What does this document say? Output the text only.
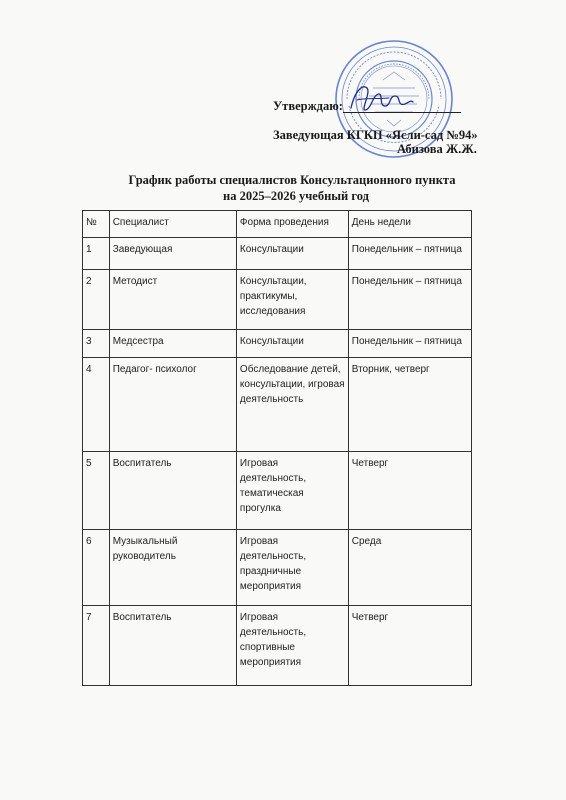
Утверждаю:
Заведующая КГКП «Ясли-сад №94»
Абизова Ж.Ж.
График работы специалистов Консультационного пункта
на 2025–2026 учебный год
№	Специалист	Форма проведения	День недели
1	Заведующая	Консультации	Понедельник – пятница
2	Методист	Консультации, практикумы, исследования	Понедельник – пятница
3	Медсестра	Консультации	Понедельник – пятница
4	Педагог- психолог	Обследование детей, консультации, игровая деятельность	Вторник, четверг
5	Воспитатель	Игровая деятельность, тематическая прогулка	Четверг
6	Музыкальный руководитель	Игровая деятельность, праздничные мероприятия	Среда
7	Воспитатель	Игровая деятельность, спортивные мероприятия	Четверг
